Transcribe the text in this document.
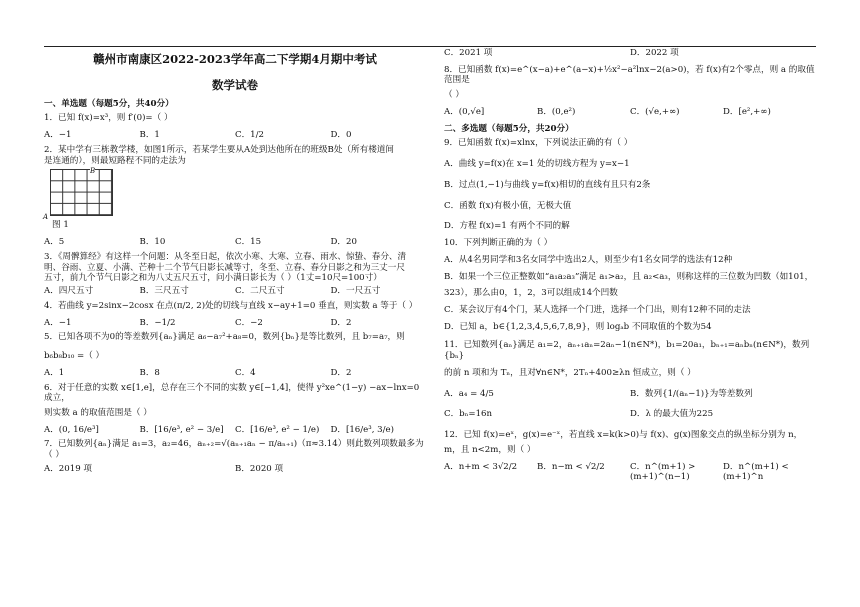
赣州市南康区2022-2023学年高二下学期4月期中考试
数学试卷
一、单选题（每题5分，共40分）
1．已知 f(x)=x³，则 f′(0)=（ ）
A．−1	B．1	C．1/2	D．0
2．某中学有三栋教学楼，如图1所示，若某学生要从A处到达他所在的班级B处（所有楼道间
是连通的），则最短路程不同的走法为
B
A
图 1
A．5	B．10	C．15	D．20
3．《周髀算经》有这样一个问题：从冬至日起，依次小寒、大寒、立春、雨水、惊蛰、春分、清
明、谷雨、立夏、小满、芒种十二个节气日影长减等寸，冬至、立春、春分日影之和为三丈一尺
五寸，前九个节气日影之和为八丈五尺五寸，问小满日影长为（ ）（1丈=10尺=100寸）
A．四尺五寸	B．三尺五寸	C．二尺五寸	D．一尺五寸
4．若曲线 y=2sinx−2cosx 在点(π/2, 2)处的切线与直线 x−ay+1=0 垂直，则实数 a 等于（ ）
A．−1	B．−1/2	C．−2	D．2
5．已知各项不为0的等差数列{aₙ}满足 a₆−a₇²+a₈=0，数列{bₙ}是等比数列，且 b₇=a₇，则
b₆b₈b₁₀ =（ ）
A．1	B．8	C．4	D．2
6．对于任意的实数 x∈[1,e]，总存在三个不同的实数 y∈[−1,4]，使得 y²xe^(1−y) −ax−lnx=0 成立，
则实数 a 的取值范围是（ ）
A．(0, 16/e³]	B．[16/e³, e² − 3/e]	C．[16/e³, e² − 1/e)	D．[16/e³, 3/e)
7．已知数列{aₙ}满足 a₁=3，a₂=46，aₙ₊₂=√(aₙ₊₁aₙ − π/aₙ₊₁)（π≈3.14）则此数列项数最多为（ ）
A．2019 项	B．2020 项
C．2021 项	D．2022 项
8．已知函数 f(x)=e^(x−a)+e^(a−x)+½x²−a²lnx−2(a>0)，若 f(x)有2个零点，则 a 的取值范围是
（ ）
A．(0,√e]	B．(0,e²)	C．(√e,+∞)	D．[e²,+∞)
二、多选题（每题5分，共20分）
9．已知函数 f(x)=xlnx，下列说法正确的有（ ）
A．曲线 y=f(x)在 x=1 处的切线方程为 y=x−1
B．过点(1,−1)与曲线 y=f(x)相切的直线有且只有2条
C．函数 f(x)有极小值，无极大值
D．方程 f(x)=1 有两个不同的解
10．下列判断正确的为（ ）
A．从4名男同学和3名女同学中选出2人，则至少有1名女同学的选法有12种
B．如果一个三位正整数如“a₁a₂a₃”满足 a₁>a₂，且 a₂<a₃，则称这样的三位数为凹数（如101，
323），那么由0，1，2，3可以组成14个凹数
C．某会议厅有4个门，某人选择一个门进，选择一个门出，则有12种不同的走法
D．已知 a，b∈{1,2,3,4,5,6,7,8,9}，则 logₐb 不同取值的个数为54
11．已知数列{aₙ}满足 a₁=2，aₙ₊₁aₙ=2aₙ−1(n∈N*)，b₁=20a₁，bₙ₊₁=aₙbₙ(n∈N*)，数列{bₙ}
的前 n 项和为 Tₙ，且对∀n∈N*，2Tₙ+400≥λn 恒成立，则（ ）
A．a₄ = 4/5	B．数列{1/(aₙ−1)}为等差数列
C．bₙ=16n	D．λ 的最大值为225
12．已知 f(x)=eˣ，g(x)=e⁻ˣ，若直线 x=k(k>0)与 f(x)、g(x)图象交点的纵坐标分别为 n，
m，且 n<2m，则（ ）
A．n+m < 3√2/2	B．n−m < √2/2	C．n^(m+1) > (m+1)^(n−1)
D．n^(m+1) < (m+1)^n
